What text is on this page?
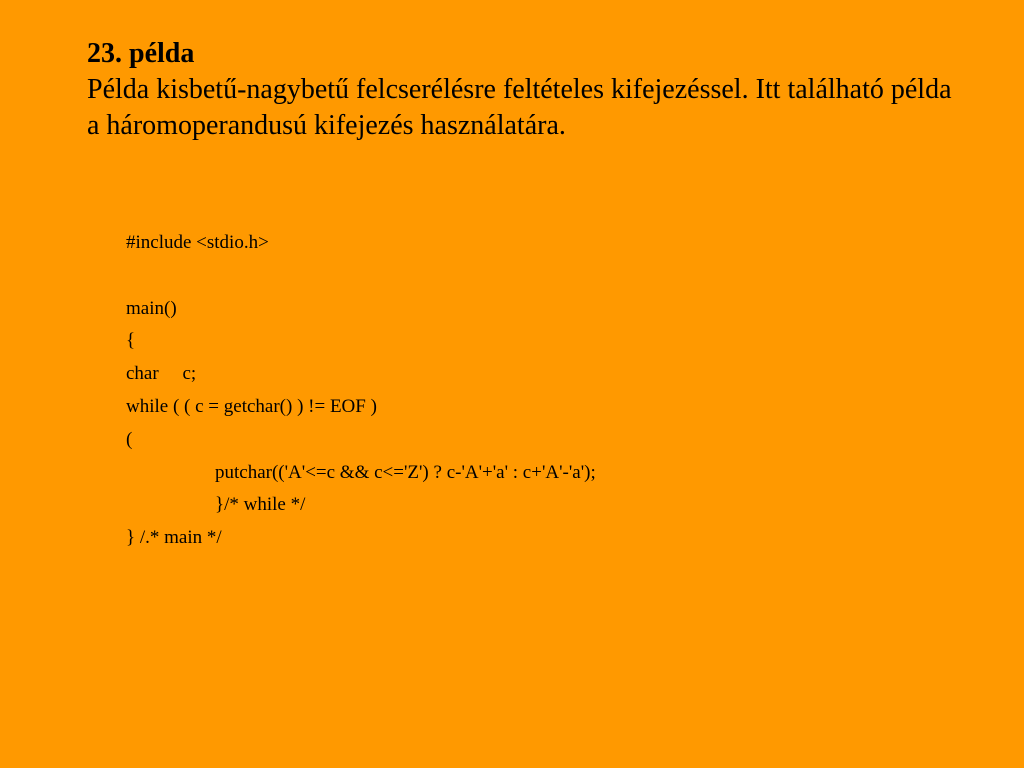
23. példa
Példa kisbetű-nagybetű felcserélésre feltételes kifejezéssel. Itt található példa a háromoperandusú kifejezés használatára.
#include <stdio.h>
main()
{
char     c;
while ( ( c = getchar() ) != EOF )
(
putchar(('A'<=c && c<='Z') ? c-'A'+'a' : c+'A'-'a');
}/* while */
} /.* main */
